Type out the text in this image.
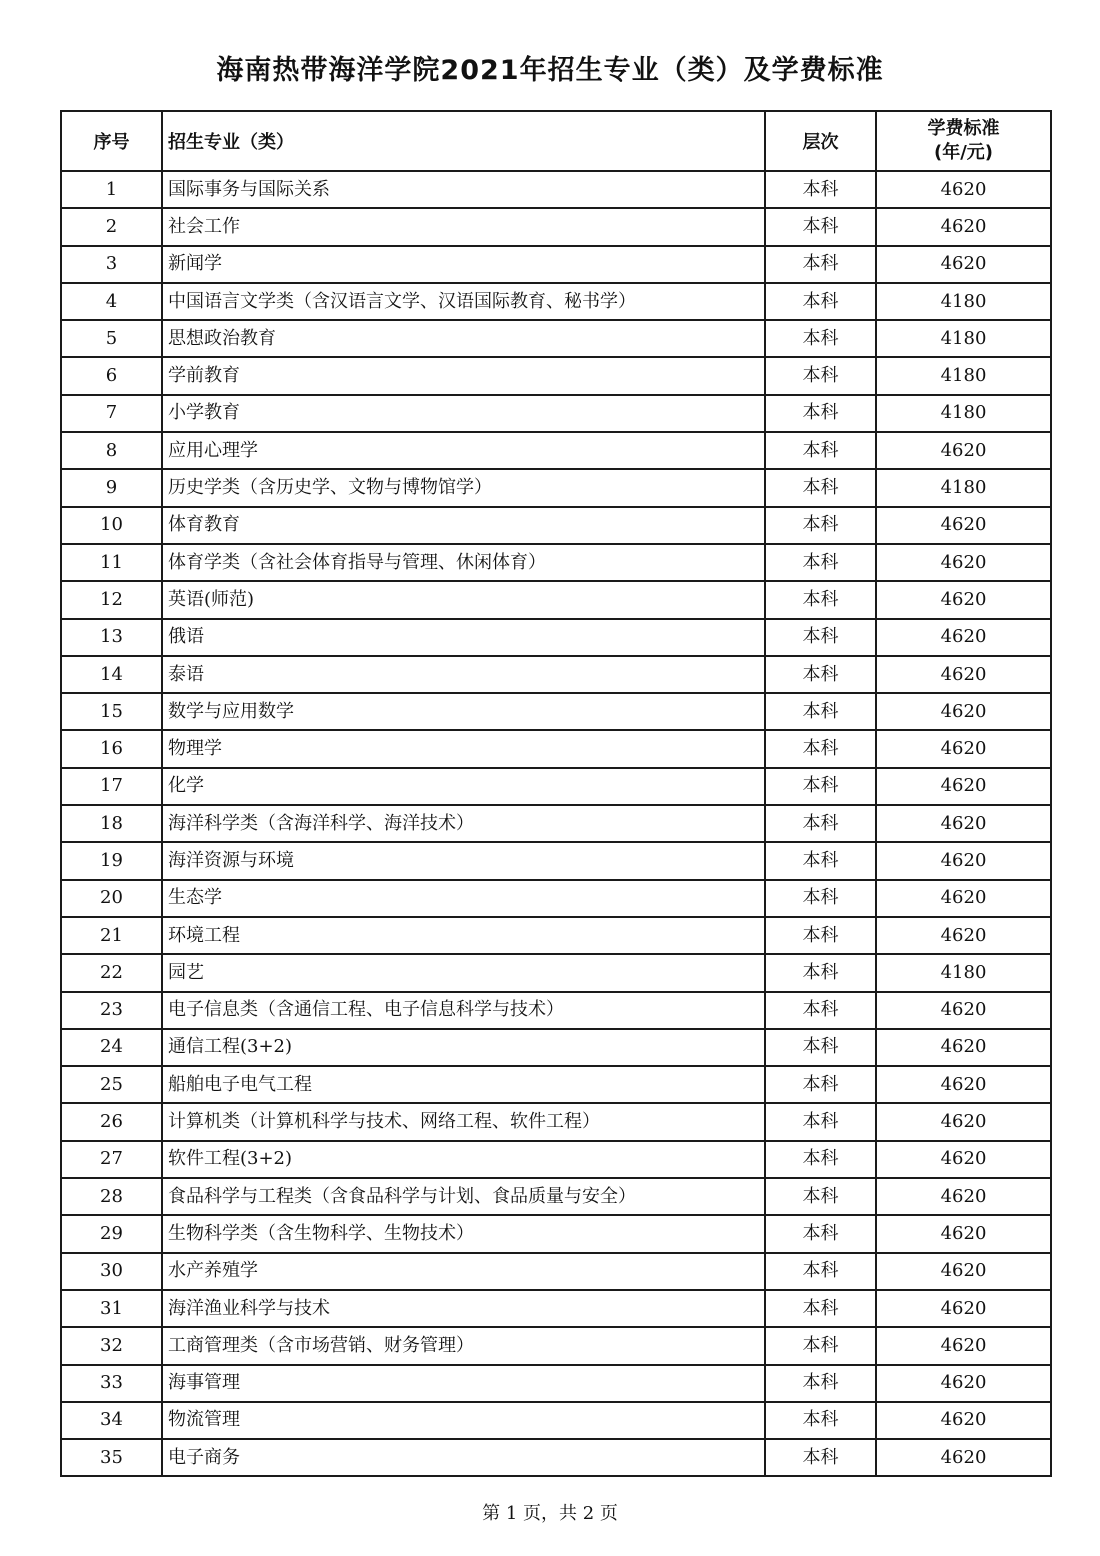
海南热带海洋学院2021年招生专业（类）及学费标准
序号	招生专业（类）	层次	学费标准
(年/元)

1	国际事务与国际关系	本科	4620
2	社会工作	本科	4620
3	新闻学	本科	4620
4	中国语言文学类（含汉语言文学、汉语国际教育、秘书学）	本科	4180
5	思想政治教育	本科	4180
6	学前教育	本科	4180
7	小学教育	本科	4180
8	应用心理学	本科	4620
9	历史学类（含历史学、文物与博物馆学）	本科	4180
10	体育教育	本科	4620
11	体育学类（含社会体育指导与管理、休闲体育）	本科	4620
12	英语(师范)	本科	4620
13	俄语	本科	4620
14	泰语	本科	4620
15	数学与应用数学	本科	4620
16	物理学	本科	4620
17	化学	本科	4620
18	海洋科学类（含海洋科学、海洋技术）	本科	4620
19	海洋资源与环境	本科	4620
20	生态学	本科	4620
21	环境工程	本科	4620
22	园艺	本科	4180
23	电子信息类（含通信工程、电子信息科学与技术）	本科	4620
24	通信工程(3+2)	本科	4620
25	船舶电子电气工程	本科	4620
26	计算机类（计算机科学与技术、网络工程、软件工程）	本科	4620
27	软件工程(3+2)	本科	4620
28	食品科学与工程类（含食品科学与计划、食品质量与安全）	本科	4620
29	生物科学类（含生物科学、生物技术）	本科	4620
30	水产养殖学	本科	4620
31	海洋渔业科学与技术	本科	4620
32	工商管理类（含市场营销、财务管理）	本科	4620
33	海事管理	本科	4620
34	物流管理	本科	4620
35	电子商务	本科	4620
第 1 页，共 2 页
